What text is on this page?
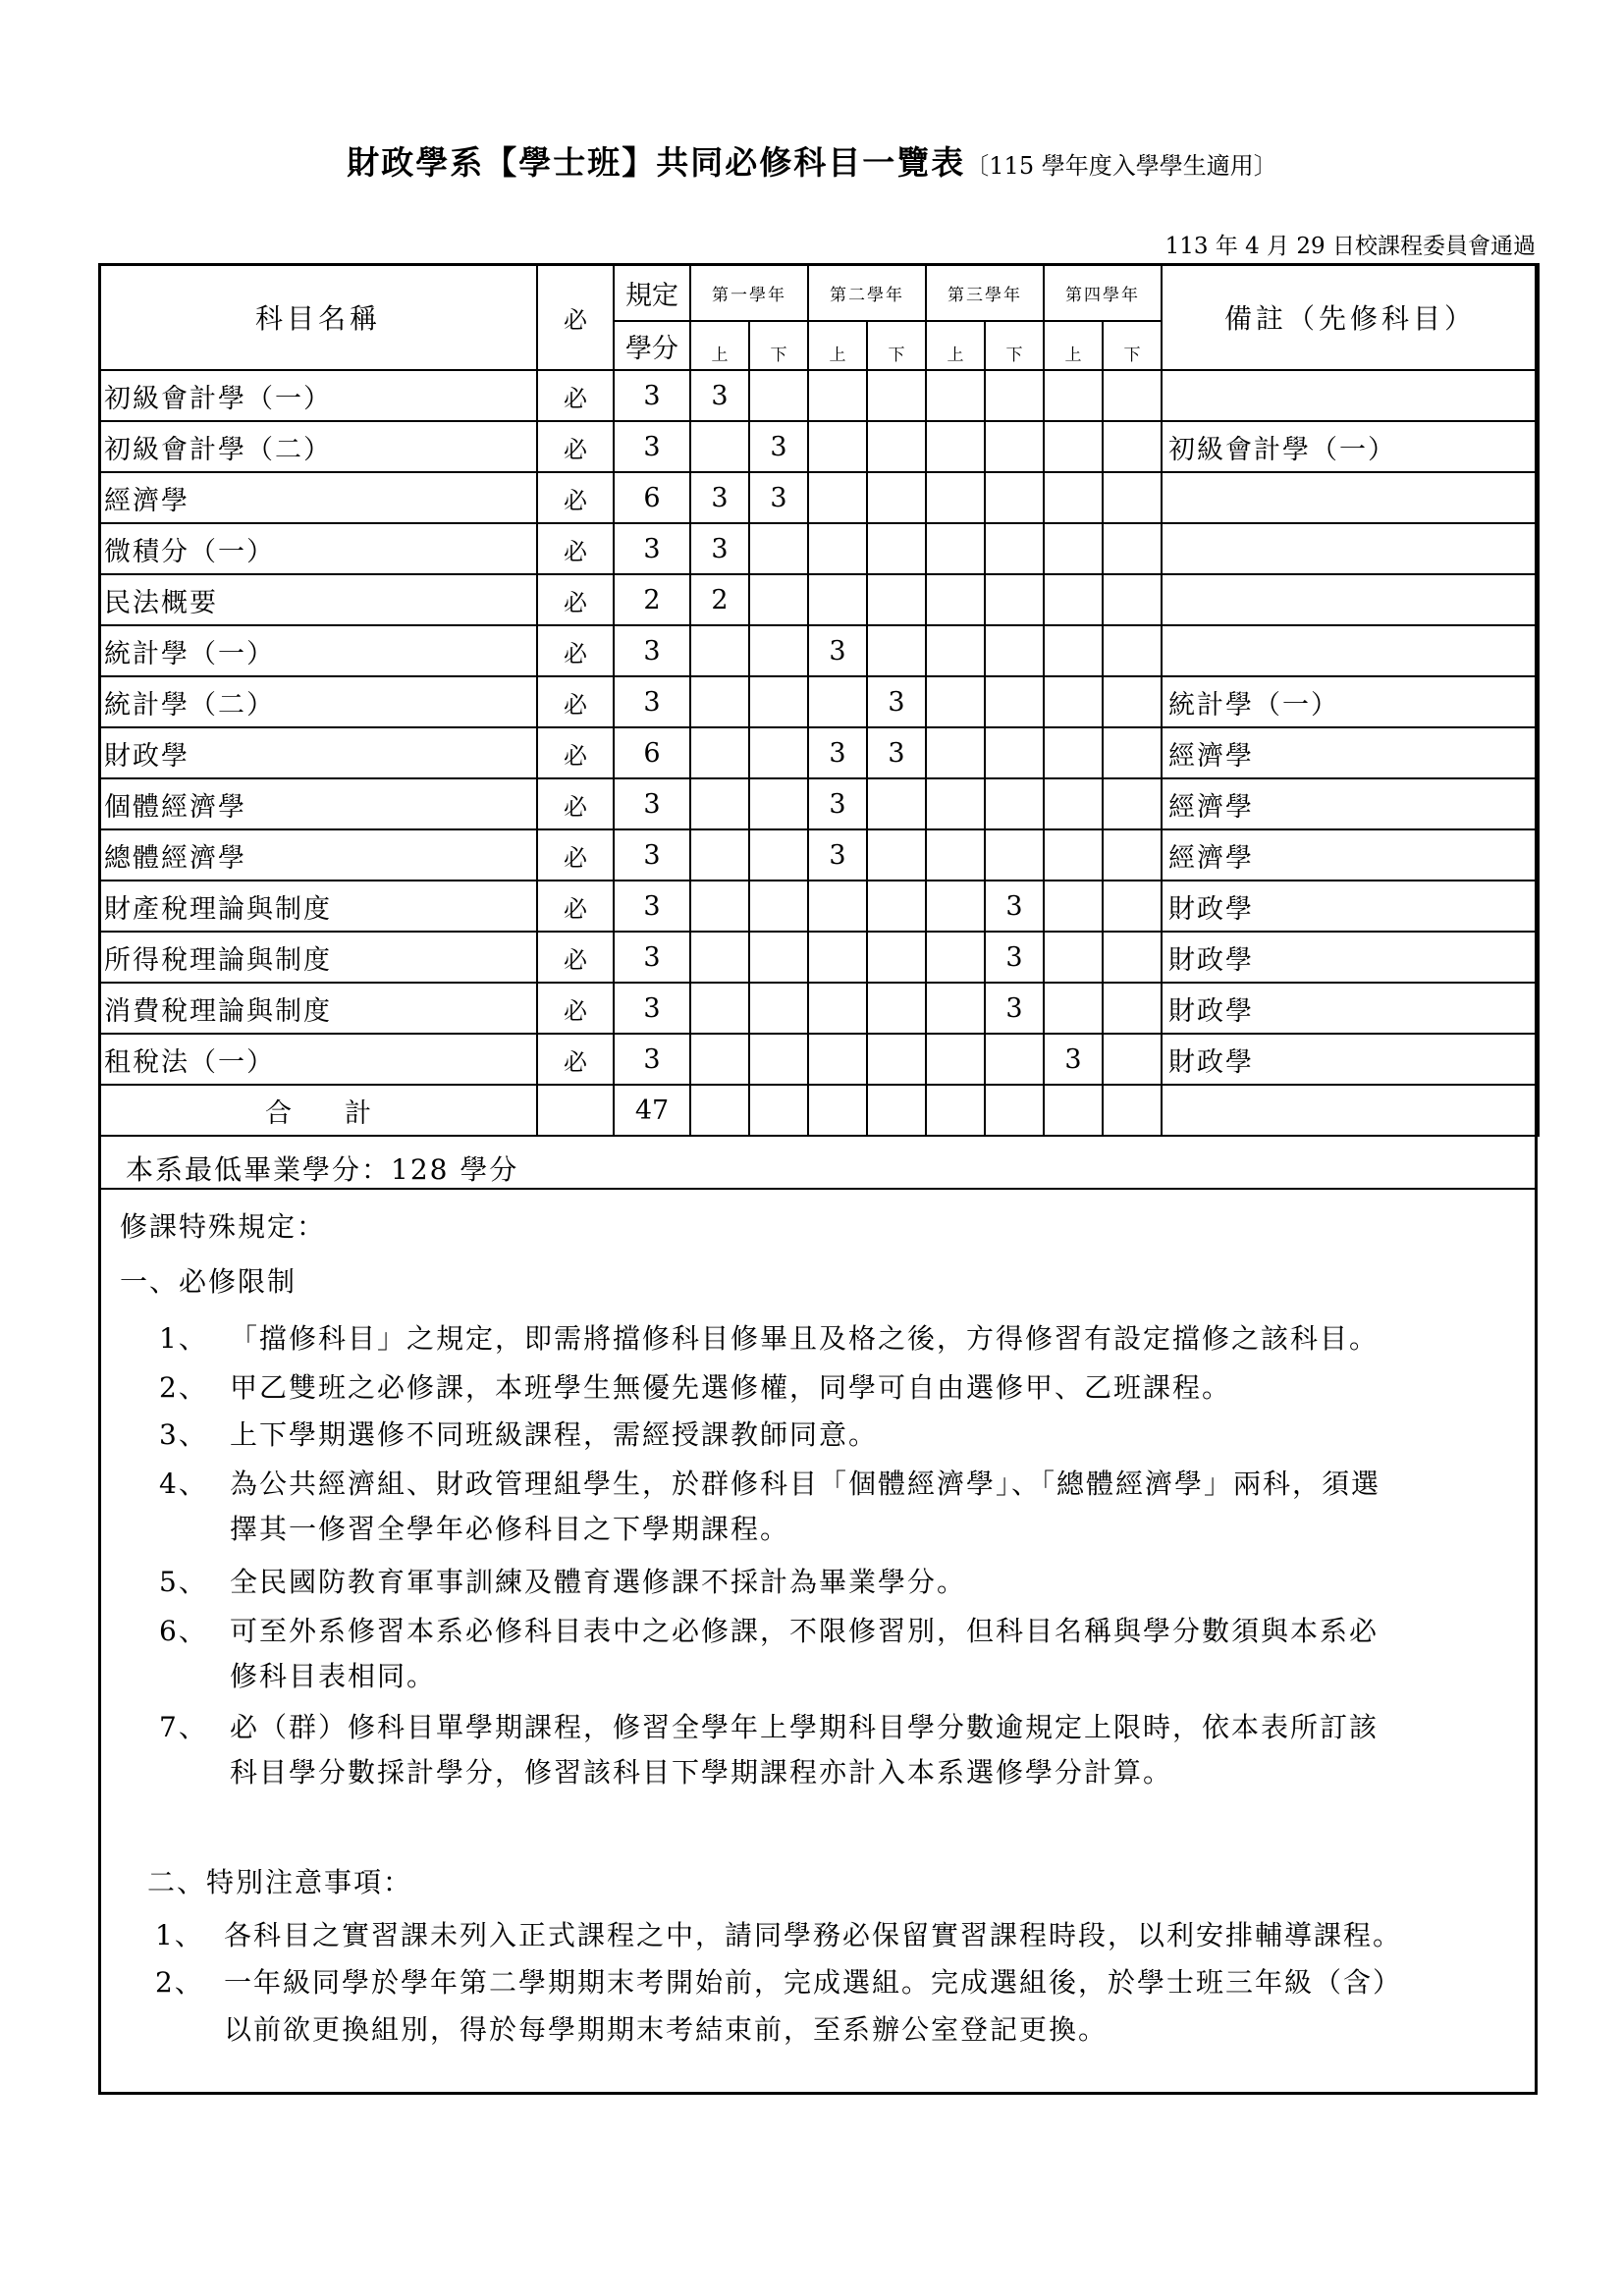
財政學系【學士班】共同必修科目一覽表〔115 學年度入學學生適用〕
113 年 4 月 29 日校課程委員會通過
科目名稱	必	規定	第一學年		第二學年		第三學年		第四學年		備註（先修科目）
		學分	上	下	上	下	上	下	上	下	
初級會計學（一）	必	3	3								
初級會計學（二）	必	3		3							初級會計學（一）
經濟學	必	6	3	3							
微積分（一）	必	3	3								
民法概要	必	2	2								
統計學（一）	必	3			3						
統計學（二）	必	3				3					統計學（一）
財政學	必	6			3	3					經濟學
個體經濟學	必	3			3						經濟學
總體經濟學	必	3			3						經濟學
財產稅理論與制度	必	3						3			財政學
所得稅理論與制度	必	3						3			財政學
消費稅理論與制度	必	3						3			財政學
租稅法（一）	必	3							3		財政學
合　　計		47									
本系最低畢業學分：128 學分
修課特殊規定：
一、必修限制
1、 「擋修科目」之規定，即需將擋修科目修畢且及格之後，方得修習有設定擋修之該科目。
2、 甲乙雙班之必修課，本班學生無優先選修權，同學可自由選修甲、乙班課程。
3、 上下學期選修不同班級課程，需經授課教師同意。
4、 為公共經濟組、財政管理組學生，於群修科目「個體經濟學」、「總體經濟學」兩科，須選
擇其一修習全學年必修科目之下學期課程。
5、 全民國防教育軍事訓練及體育選修課不採計為畢業學分。
6、 可至外系修習本系必修科目表中之必修課，不限修習別，但科目名稱與學分數須與本系必
修科目表相同。
7、 必（群）修科目單學期課程，修習全學年上學期科目學分數逾規定上限時，依本表所訂該
科目學分數採計學分，修習該科目下學期課程亦計入本系選修學分計算。
二、特別注意事項：
1、 各科目之實習課未列入正式課程之中，請同學務必保留實習課程時段，以利安排輔導課程。
2、 一年級同學於學年第二學期期末考開始前，完成選組。完成選組後，於學士班三年級（含）
以前欲更換組別，得於每學期期末考結束前，至系辦公室登記更換。
